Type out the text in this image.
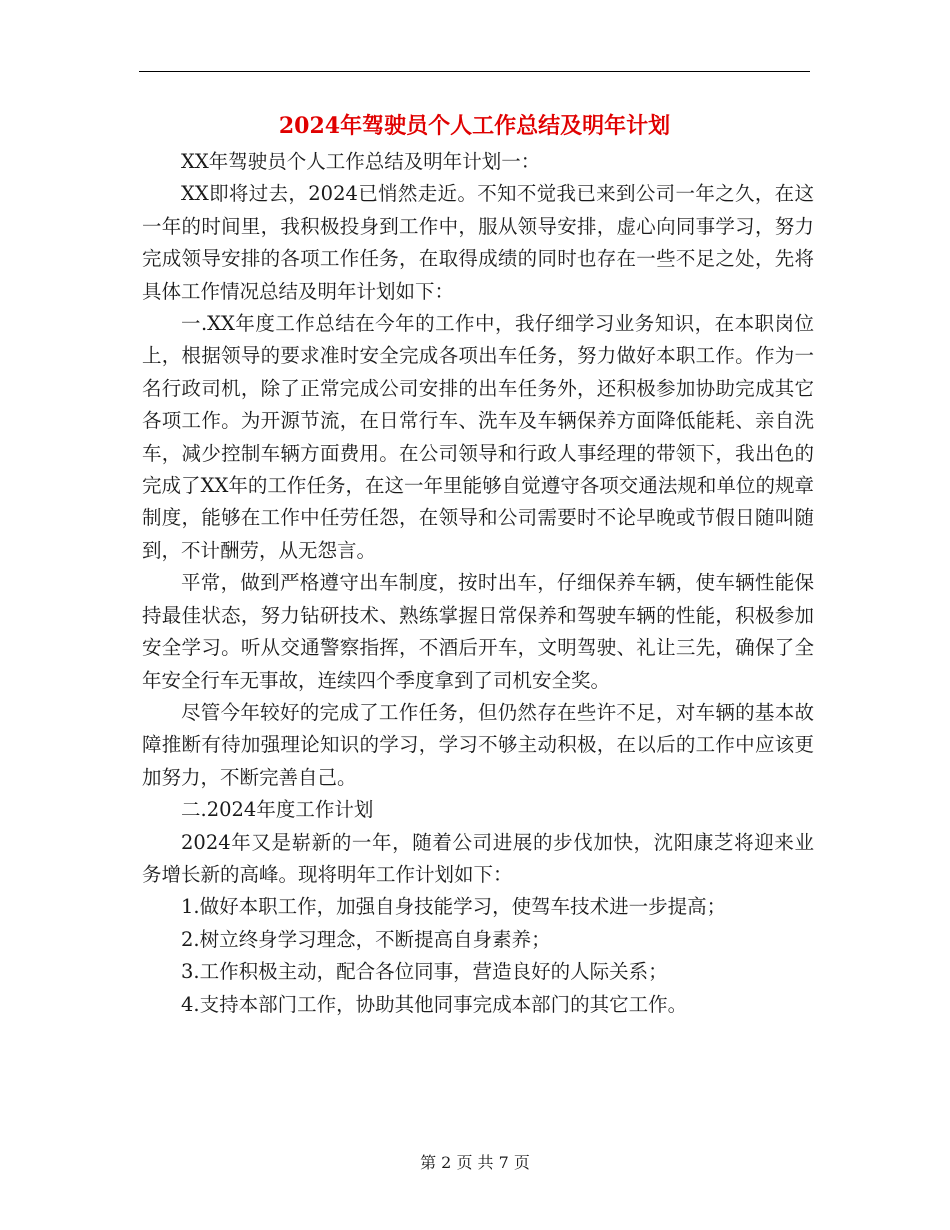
2024年驾驶员个人工作总结及明年计划

XX年驾驶员个人工作总结及明年计划一：

XX即将过去，2024已悄然走近。不知不觉我已来到公司一年之久，在这一年的时间里，我积极投身到工作中，服从领导安排，虚心向同事学习，努力完成领导安排的各项工作任务，在取得成绩的同时也存在一些不足之处，先将具体工作情况总结及明年计划如下：

一.XX年度工作总结在今年的工作中，我仔细学习业务知识，在本职岗位上，根据领导的要求准时安全完成各项出车任务，努力做好本职工作。作为一名行政司机，除了正常完成公司安排的出车任务外，还积极参加协助完成其它各项工作。为开源节流，在日常行车、洗车及车辆保养方面降低能耗、亲自洗车，减少控制车辆方面费用。在公司领导和行政人事经理的带领下，我出色的完成了XX年的工作任务，在这一年里能够自觉遵守各项交通法规和单位的规章制度，能够在工作中任劳任怨，在领导和公司需要时不论早晚或节假日随叫随到，不计酬劳，从无怨言。

平常，做到严格遵守出车制度，按时出车，仔细保养车辆，使车辆性能保持最佳状态，努力钻研技术、熟练掌握日常保养和驾驶车辆的性能，积极参加安全学习。听从交通警察指挥，不酒后开车，文明驾驶、礼让三先，确保了全年安全行车无事故，连续四个季度拿到了司机安全奖。

尽管今年较好的完成了工作任务，但仍然存在些许不足，对车辆的基本故障推断有待加强理论知识的学习，学习不够主动积极，在以后的工作中应该更加努力，不断完善自己。

二.2024年度工作计划

2024年又是崭新的一年，随着公司进展的步伐加快，沈阳康芝将迎来业务增长新的高峰。现将明年工作计划如下：

1.做好本职工作，加强自身技能学习，使驾车技术进一步提高；

2.树立终身学习理念，不断提高自身素养；

3.工作积极主动，配合各位同事，营造良好的人际关系；

4.支持本部门工作，协助其他同事完成本部门的其它工作。

第 2 页 共 7 页
